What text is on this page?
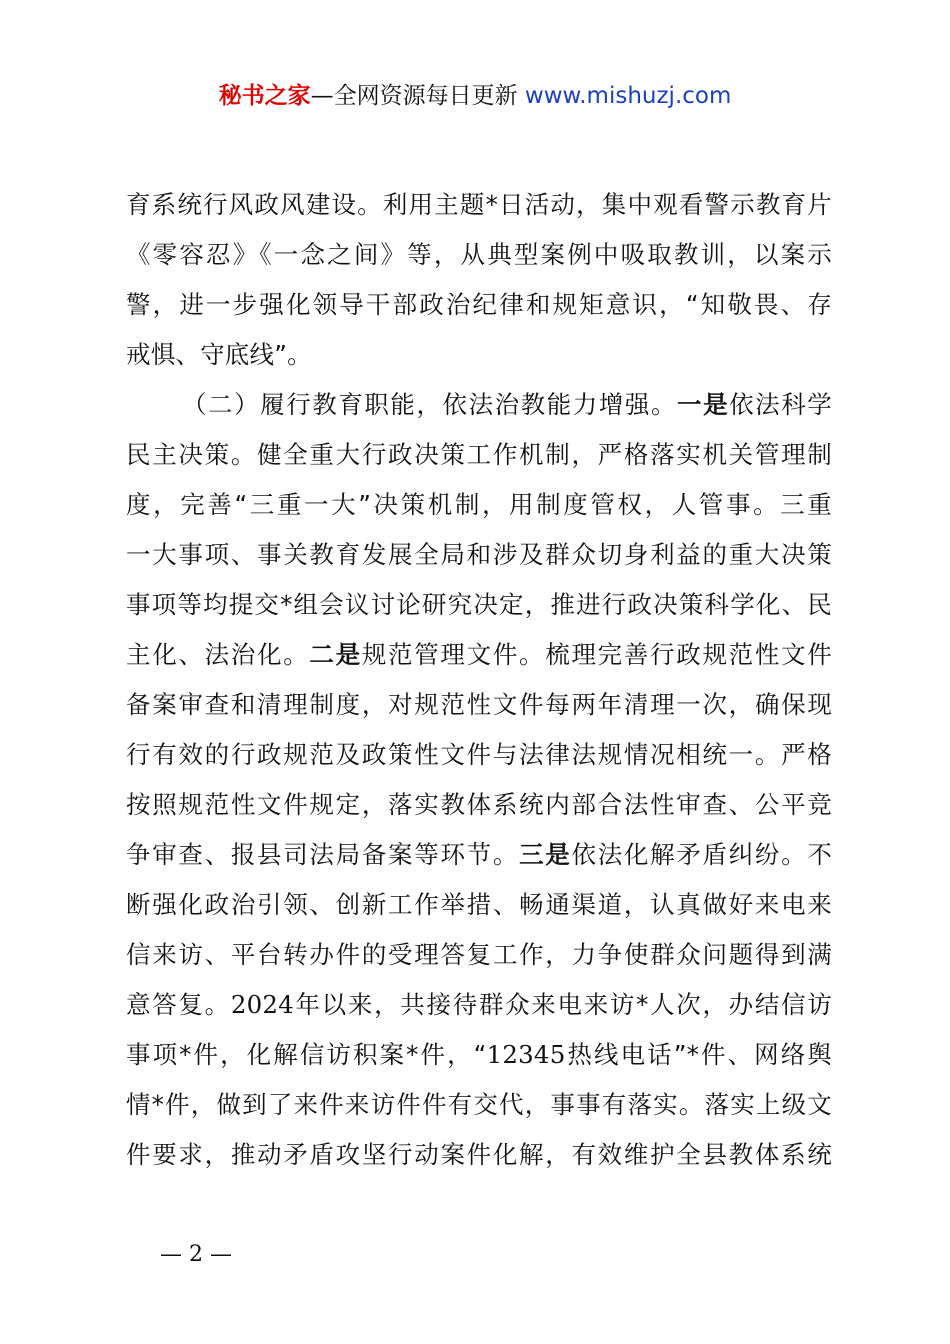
秘书之家—全网资源每日更新 www.mishuzj.com
育系统行风政风建设。利用主题*日活动，集中观看警示教育片
《零容忍》《一念之间》等，从典型案例中吸取教训，以案示
警，进一步强化领导干部政治纪律和规矩意识，“知敬畏、存
戒惧、守底线”。
（二）履行教育职能，依法治教能力增强。一是依法科学
民主决策。健全重大行政决策工作机制，严格落实机关管理制
度，完善“三重一大”决策机制，用制度管权，人管事。三重
一大事项、事关教育发展全局和涉及群众切身利益的重大决策
事项等均提交*组会议讨论研究决定，推进行政决策科学化、民
主化、法治化。二是规范管理文件。梳理完善行政规范性文件
备案审查和清理制度，对规范性文件每两年清理一次，确保现
行有效的行政规范及政策性文件与法律法规情况相统一。严格
按照规范性文件规定，落实教体系统内部合法性审查、公平竞
争审查、报县司法局备案等环节。三是依法化解矛盾纠纷。不
断强化政治引领、创新工作举措、畅通渠道，认真做好来电来
信来访、平台转办件的受理答复工作，力争使群众问题得到满
意答复。2024年以来，共接待群众来电来访*人次，办结信访
事项*件，化解信访积案*件，“12345热线电话”*件、网络舆
情*件，做到了来件来访件件有交代，事事有落实。落实上级文
件要求，推动矛盾攻坚行动案件化解，有效维护全县教体系统
— 2 —
